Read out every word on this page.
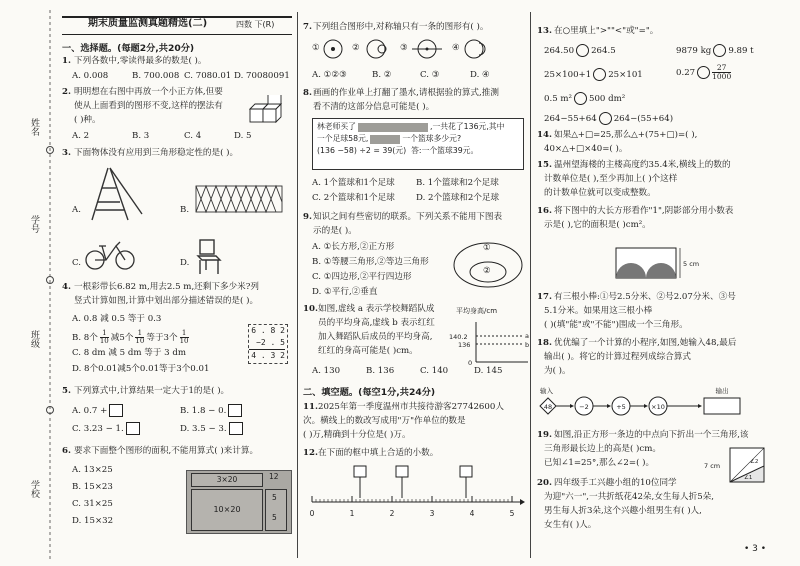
姓名
学号
班级
学校
期末质量监测真题精选(二)	四数 下(R)
一、选择题。(每题2分,共20分)
1. 下列各数中,零读得最多的数是( )。
A. 0.008	B. 700.008 C. 7080.01 D. 70080091
2. 明明想在右图中再放一个小正方体,但要
使从上面看到的图形不变,这样的摆法有
( )种。
A. 2	B. 3	C. 4	D. 5
3. 下面物体没有应用到三角形稳定性的是( )。
A.	B.
C.	D.
4. 一根彩带长6.82 m,用去2.5 m,还剩下多少米?列
竖式计算如图,计算中划出部分描述错误的是( )。
A. 0.8 减 0.5 等于 0.3
B. 8个 $\frac{1}{10}$ 减5个 $\frac{1}{10}$ 等于3个 $\frac{1}{10}$
C. 8 dm 减 5 dm 等于 3 dm
D. 8个0.01减5个0.01等于3个0.01
6 . 8 2
−2 . 5
4 . 3 2
5. 下列算式中,计算结果一定大于1的是( )。
A. 0.7 +	B. 1.8 − 0.
C. 3.23 − 1.	D. 3.5 − 3.
6. 要求下面整个图形的面积,不能用算式( )来计算。
A. 13×25
B. 15×23
C. 31×25
D. 15×32
3×20
10×20
12
5
5
7. 下列组合图形中,对称轴只有一条的图形有( )。
①	②	③	④
A. ①②③	B. ②	C. ③	D. ④
8. 画画的作业单上打翻了墨水,请根据验的算式,推测
看不清的这部分信息可能是( )。
林老师买了	,一共花了136元,其中
一个足球58元,	一个篮球多少元?
(136 −58) ÷2 = 39(元) 答:一个篮球39元。
A. 1个篮球和1个足球 B. 1个篮球和2个足球
C. 2个篮球和1个足球 D. 2个篮球和2个足球
9. 知识之间有些密切的联系。下列关系不能用下图表
示的是( )。
A. ①长方形,②正方形
B. ①等腰三角形,②等边三角形
C. ①四边形,②平行四边形
D. ①平行,②垂直
①
②
10. 如图,虚线 a 表示学校舞蹈队成
员的平均身高,虚线 b 表示红红
加入舞蹈队后成员的平均身高,
红红的身高可能是( )cm。
A. 130	B. 136	C. 140	D. 145
140.2
136
a
b
0
平均身高/cm
二、填空题。(每空1分,共24分)
11. 2025年第一季度温州市共接待游客27742600人
次。横线上的数改写成用"万"作单位的数是
( )万,精确到十分位是( )万。
12. 在下面的框中填上合适的小数。
0	1	2	3	4	5
13. 在○里填上">""<"或"="。
264.50 264.5	9879 kg 9.89 t
25×100+1 25×101	$0.27 \frac{27}{1000}$
0.5 m² 500 dm²
264−55+64 264−(55+64)
14. 如果△+□=25,那么△+(75+□)=( ),
40×△+□×40=( )。
15. 温州望海楼的主楼高度约35.4米,横线上的数的
计数单位是( ),至少再加上( )个这样
的计数单位就可以变成整数。
16. 将下图中的大长方形看作"1",阴影部分用小数表
示是( ),它的面积是( )cm²。
5 cm
17. 有三根小棒:①号2.5分米、②号2.07分米、③号
5.1分米。如果用这三根小棒
( )(填"能"或"不能")围成一个三角形。
18. 优优编了一个计算的小程序,如图,她输入48,最后
输出( )。将它的计算过程列成综合算式
为( )。
输入
48	−2	+5	×10
输出
19. 如图,沿正方形一条边的中点向下折出一个三角形,该
三角形最长边上的高是( )cm。
已知∠1=25°,那么∠2=( )。	7 cm	∠2
∠1
20. 四年级手工兴趣小组的10位同学
为迎"六一",一共折纸花42朵,女生每人折5朵,
男生每人折3朵,这个兴趣小组男生有( )人,
女生有( )人。
• 3 •
